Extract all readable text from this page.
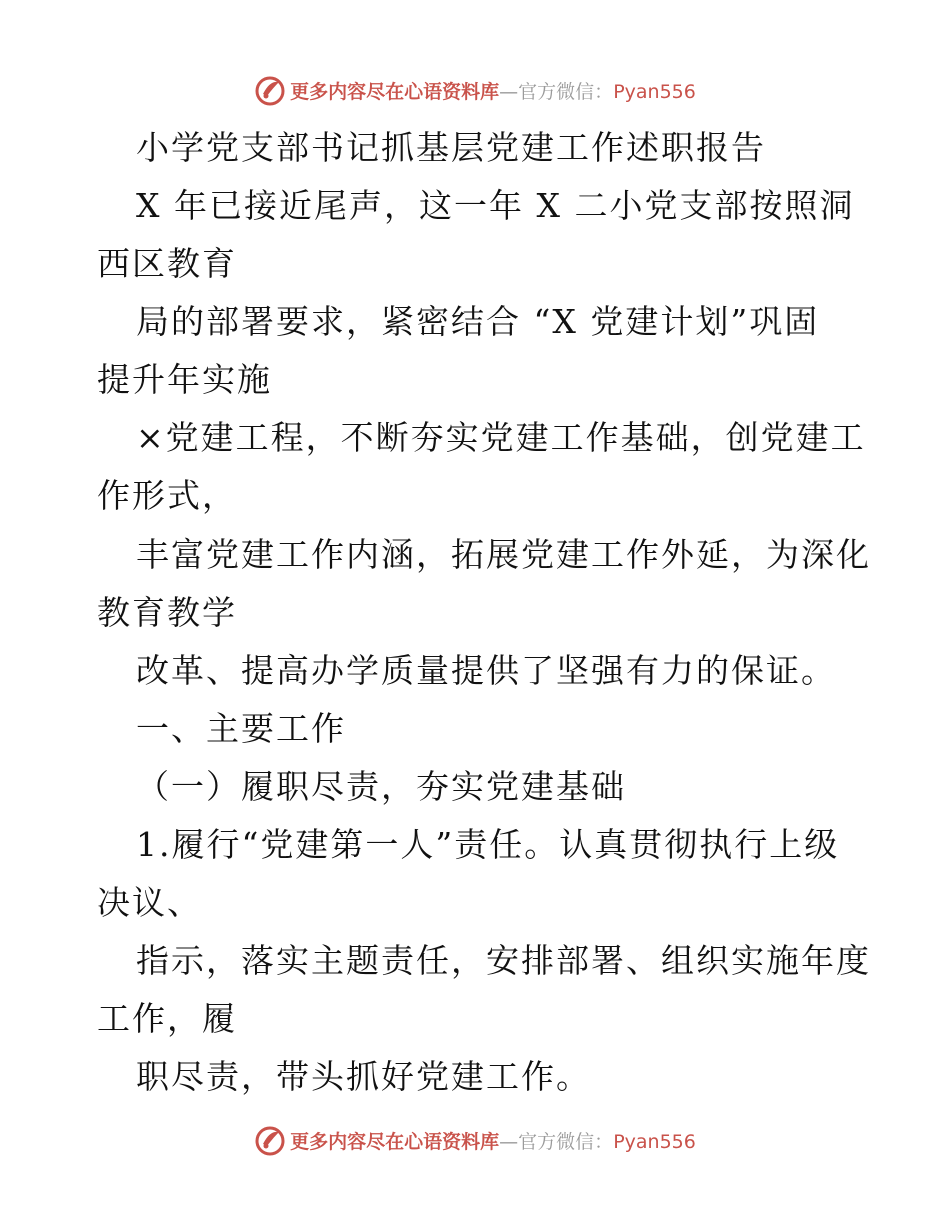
更多内容尽在心语资料库—官方微信：Pyan556
小学党支部书记抓基层党建工作述职报告
X 年已接近尾声，这一年 X 二小党支部按照洞
西区教育
局的部署要求，紧密结合 “X 党建计划”巩固
提升年实施
×党建工程，不断夯实党建工作基础，创党建工
作形式，
丰富党建工作内涵，拓展党建工作外延，为深化
教育教学
改革、提高办学质量提供了坚强有力的保证。
一、主要工作
（一）履职尽责，夯实党建基础
1.履行“党建第一人”责任。认真贯彻执行上级
决议、
指示，落实主题责任，安排部署、组织实施年度
工作，履
职尽责，带头抓好党建工作。
更多内容尽在心语资料库—官方微信：Pyan556
